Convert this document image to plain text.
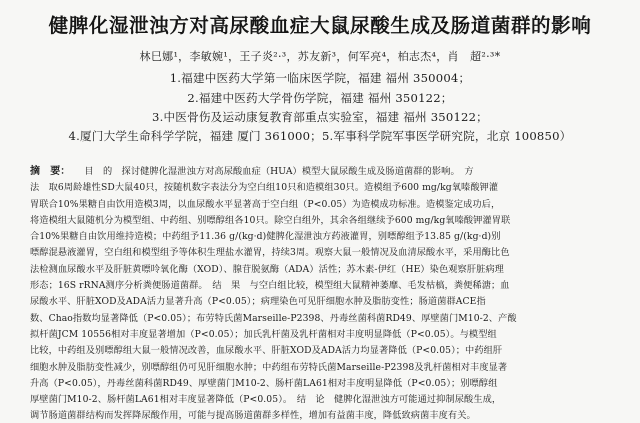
健脾化湿泄浊方对高尿酸血症大鼠尿酸生成及肠道菌群的影响
林巳娜¹，李敏婉¹，王子炎²·³，苏友新³，何军亮⁴，柏志杰⁴，肖　超²·³*
1.福建中医药大学第一临床医学院，福建 福州 350004；
2.福建中医药大学骨伤学院，福建 福州 350122；
3.中医骨伤及运动康复教育部重点实验室，福建 福州 350122；
4.厦门大学生命科学学院，福建 厦门 361000；5.军事科学院军事医学研究院，北京 100850）
摘　要： 目　的　探讨健脾化湿泄浊方对高尿酸血症（HUA）模型大鼠尿酸生成及肠道菌群的影响。　方
法　取6周龄雄性SD大鼠40只，按随机数字表法分为空白组10只和造模组30只。造模组予600 mg/kg氧嗪酸钾灌
胃联合10%果糖自由饮用造模3周，以血尿酸水平显著高于空白组（P<0.05）为造模成功标准。造模鉴定成功后，
将造模组大鼠随机分为模型组、中药组、别嘌醇组各10只。除空白组外，其余各组继续予600 mg/kg氧嗪酸钾灌胃联
合10%果糖自由饮用维持造模；中药组予11.36 g/(kg·d)健脾化湿泄浊方药液灌胃，别嘌醇组予13.85 g/(kg·d)别
嘌醇混悬液灌胃，空白组和模型组予等体积生理盐水灌胃，持续3周。观察大鼠一般情况及血清尿酸水平，采用酶比色
法检测血尿酸水平及肝脏黄嘌呤氧化酶（XOD）、腺苷脱氨酶（ADA）活性；苏木素-伊红（HE）染色观察肝脏病理
形态；16S rRNA测序分析粪便肠道菌群。　结　果　与空白组比较，模型组大鼠精神萎靡、毛发枯槁，粪便稀溏；血
尿酸水平、肝脏XOD及ADA活力显著升高（P<0.05）；病理染色可见肝细胞水肿及脂肪变性；肠道菌群ACE指
数、Chao指数均显著降低（P<0.05）；布劳特氏菌Marseille-P2398、丹毒丝菌科菌RD49、厚壁菌门M10-2、产酸
拟杆菌JCM 10556相对丰度显著增加（P<0.05）；加氏乳杆菌及乳杆菌相对丰度明显降低（P<0.05）。与模型组
比较，中药组及别嘌醇组大鼠一般情况改善，血尿酸水平、肝脏XOD及ADA活力均显著降低（P<0.05）；中药组肝
细胞水肿及脂肪变性减少，别嘌醇组仍可见肝细胞水肿；中药组布劳特氏菌Marseille-P2398及乳杆菌相对丰度显著
升高（P<0.05），丹毒丝菌科菌RD49、厚壁菌门M10-2、肠杆菌LA61相对丰度明显降低（P<0.05）；别嘌醇组
厚壁菌门M10-2、肠杆菌LA61相对丰度显著降低（P<0.05）。　结　论　健脾化湿泄浊方可能通过抑制尿酸生成，
调节肠道菌群结构而发挥降尿酸作用，可能与提高肠道菌群多样性，增加有益菌丰度，降低致病菌丰度有关。
